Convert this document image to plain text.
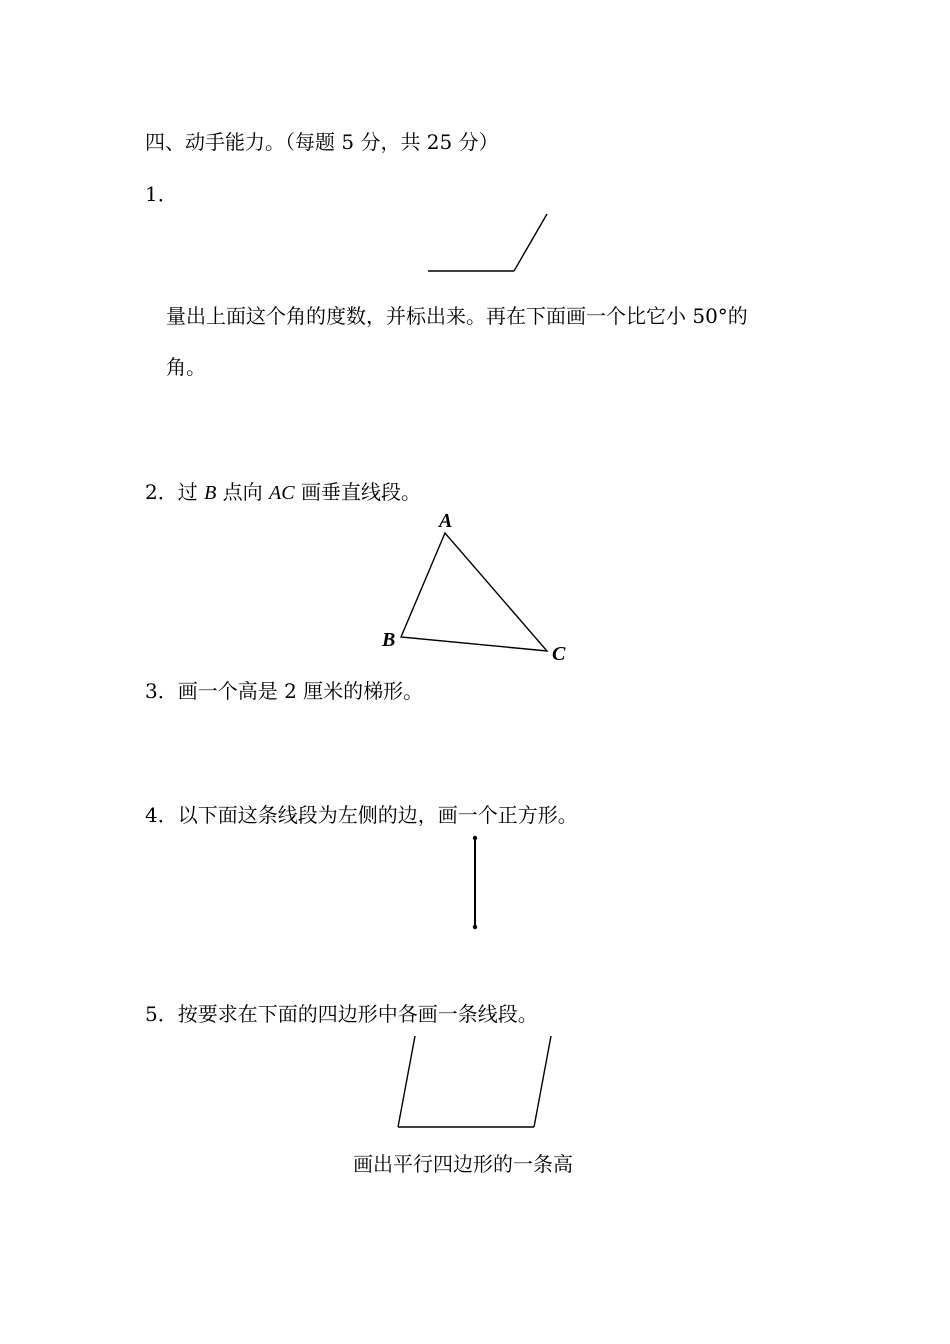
四、动手能力。（每题 5 分，共 25 分）
1．
量出上面这个角的度数，并标出来。再在下面画一个比它小 50°的
角。
2．过 B 点向 AC 画垂直线段。
A
B
C
3．画一个高是 2 厘米的梯形。
4．以下面这条线段为左侧的边，画一个正方形。
5．按要求在下面的四边形中各画一条线段。
画出平行四边形的一条高
